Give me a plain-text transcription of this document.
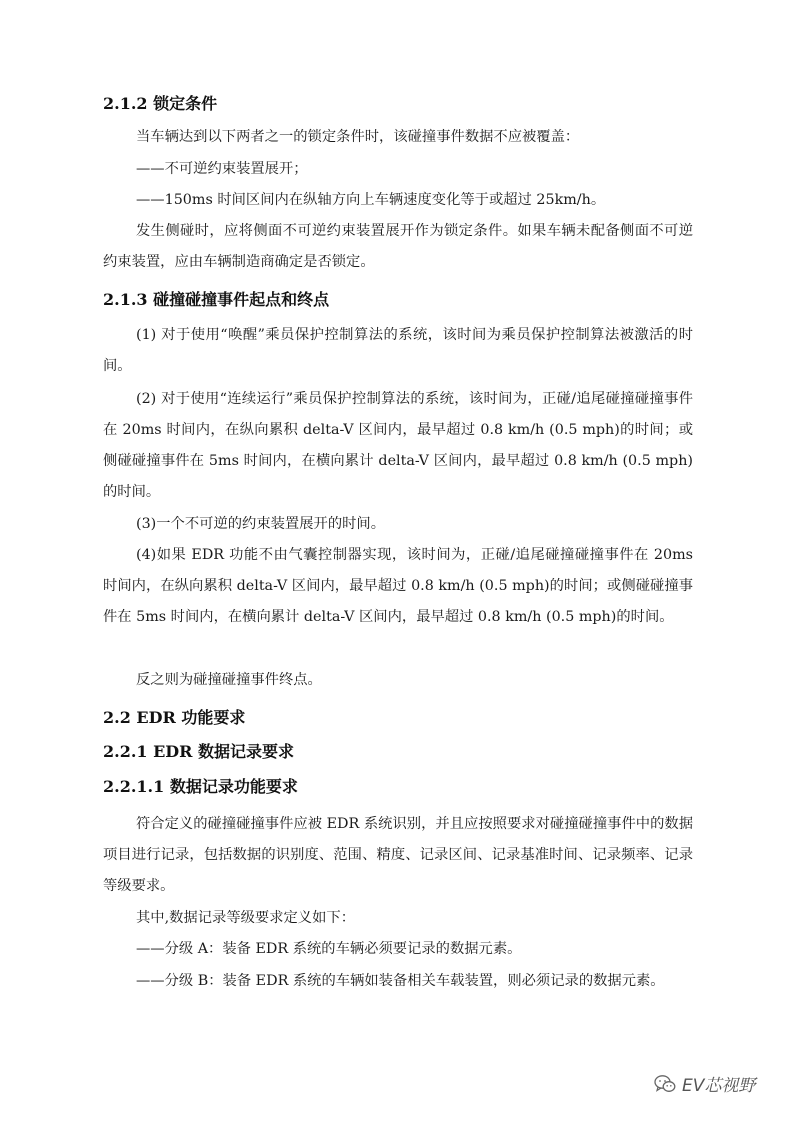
2.1.2 锁定条件

当车辆达到以下两者之一的锁定条件时，该碰撞事件数据不应被覆盖：

——不可逆约束装置展开；

——150ms 时间区间内在纵轴方向上车辆速度变化等于或超过 25km/h。

发生侧碰时，应将侧面不可逆约束装置展开作为锁定条件。如果车辆未配备侧面不可逆约束装置，应由车辆制造商确定是否锁定。

2.1.3 碰撞碰撞事件起点和终点

(1) 对于使用“唤醒”乘员保护控制算法的系统，该时间为乘员保护控制算法被激活的时间。

(2) 对于使用“连续运行”乘员保护控制算法的系统，该时间为，正碰/追尾碰撞碰撞事件在 20ms 时间内，在纵向累积 delta-V 区间内，最早超过 0.8 km/h (0.5 mph)的时间；或侧碰碰撞事件在 5ms 时间内，在横向累计 delta-V 区间内，最早超过 0.8 km/h (0.5 mph)的时间。

(3)一个不可逆的约束装置展开的时间。

(4)如果 EDR 功能不由气囊控制器实现，该时间为，正碰/追尾碰撞碰撞事件在 20ms 时间内，在纵向累积 delta-V 区间内，最早超过 0.8 km/h (0.5 mph)的时间；或侧碰碰撞事件在 5ms 时间内，在横向累计 delta-V 区间内，最早超过 0.8 km/h (0.5 mph)的时间。

反之则为碰撞碰撞事件终点。

2.2 EDR 功能要求
2.2.1 EDR 数据记录要求
2.2.1.1 数据记录功能要求

符合定义的碰撞碰撞事件应被 EDR 系统识别，并且应按照要求对碰撞碰撞事件中的数据项目进行记录，包括数据的识别度、范围、精度、记录区间、记录基准时间、记录频率、记录等级要求。

其中,数据记录等级要求定义如下：

——分级 A：装备 EDR 系统的车辆必须要记录的数据元素。

——分级 B：装备 EDR 系统的车辆如装备相关车载装置，则必须记录的数据元素。

EV芯视野
